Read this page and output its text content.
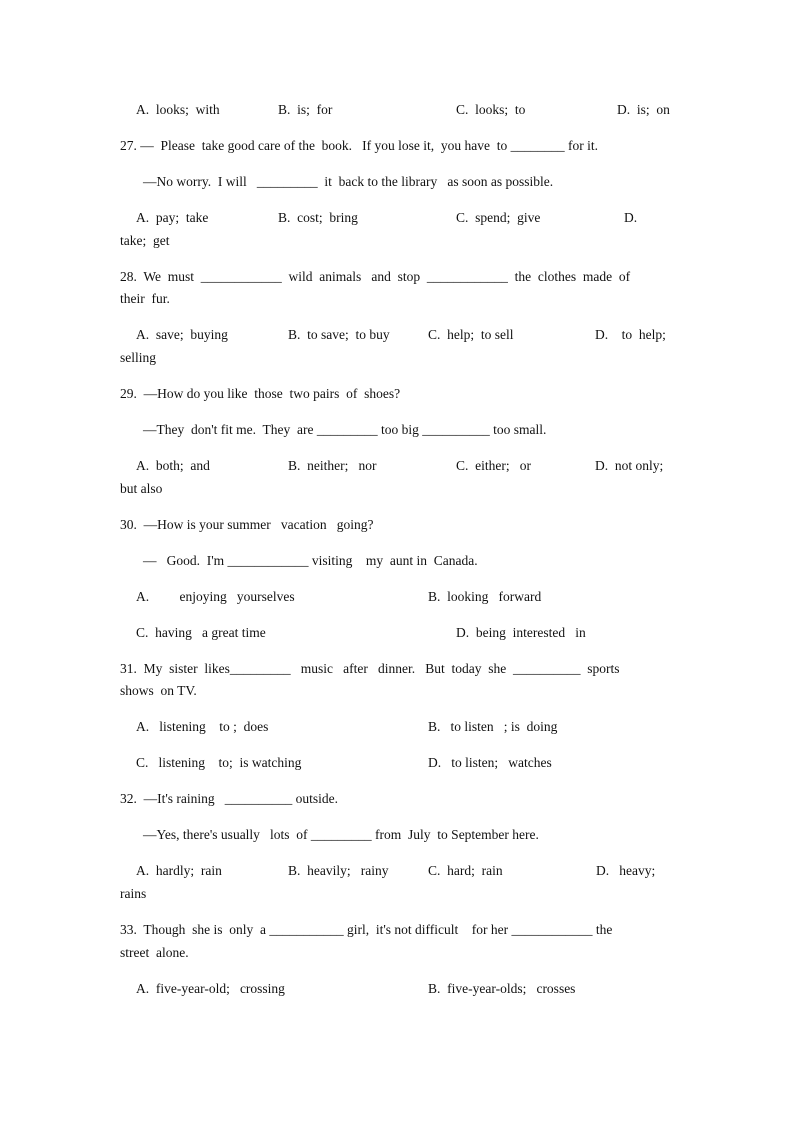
A.  looks;  with	B.  is;  for	C.  looks;  to	D.  is;  on
27. —  Please  take good care of the  book.   If you lose it,  you have  to ________ for it.
—No worry.  I will   _________  it  back to the library   as soon as possible.
A.  pay;  take	B.  cost;  bring	C.  spend;  give	D.
take;  get
28.  We  must  ____________  wild  animals   and  stop  ____________  the  clothes  made  of
their  fur.
A.  save;  buying	B.  to save;  to buy	C.  help;  to sell	D.    to  help;
selling
29.  —How do you like  those  two pairs  of  shoes?
—They  don't fit me.  They  are _________ too big __________ too small.
A.  both;  and	B.  neither;   nor	C.  either;   or	D.  not only;
but also
30.  —How is your summer   vacation   going?
—   Good.  I'm ____________ visiting    my  aunt in  Canada.
A.         enjoying   yourselves	B.  looking   forward
C.  having   a great time	D.  being  interested   in
31.  My  sister  likes_________   music   after   dinner.   But  today  she  __________  sports
shows  on TV.
A.   listening    to ;  does	B.   to listen   ; is  doing
C.   listening    to;  is watching	D.   to listen;   watches
32.  —It's raining   __________ outside.
—Yes, there's usually   lots  of _________ from  July  to September here.
A.  hardly;  rain	B.  heavily;   rainy	C.  hard;  rain	D.   heavy;
rains
33.  Though  she is  only  a ___________ girl,  it's not difficult    for her ____________ the
street  alone.
A.  five-year-old;   crossing	B.  five-year-olds;   crosses
